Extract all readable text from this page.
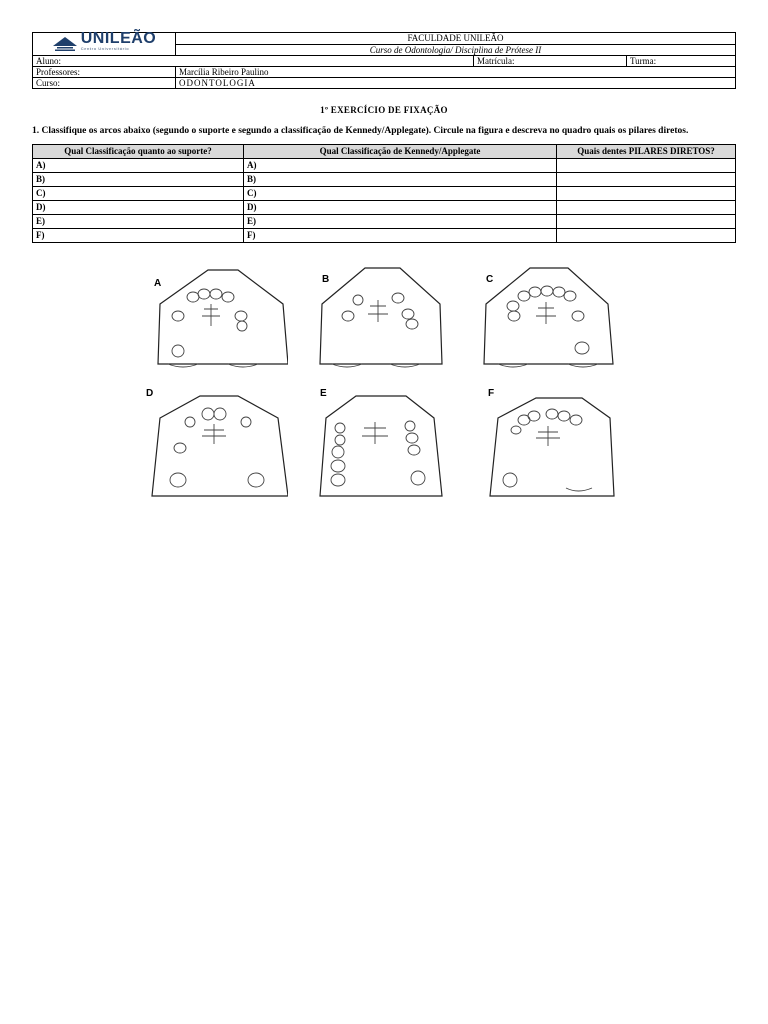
UNILEÃO
Centro Universitário	FACULDADE UNILEÃO		
	Curso de Odontologia/ Disciplina de Prótese II		
Aluno:		Matrícula:	Turma:
Professores:	Marcília Ribeiro Paulino		
Curso:	ODONTOLOGIA		
1º EXERCÍCIO DE FIXAÇÃO
1. Classifique os arcos abaixo (segundo o suporte e segundo a classificação de Kennedy/Applegate). Circule na figura e descreva no quadro quais os pilares diretos.
Qual Classificação quanto ao suporte?	Qual Classificação de Kennedy/Applegate	Quais dentes PILARES DIRETOS?
A)	A)	
B)	B)	
C)	C)	
D)	D)	
E)	E)	
F)	F)	
A	B	C
D	E	F
